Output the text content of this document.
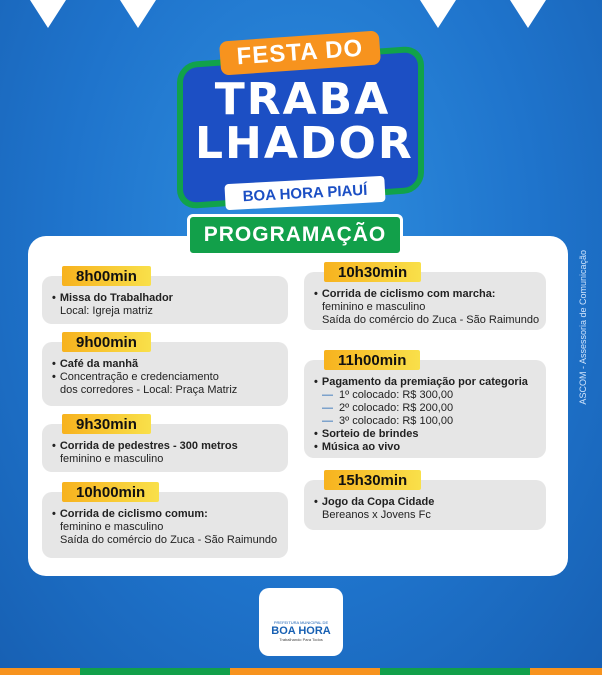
FESTA DO
TRABA
LHADOR
BOA HORA PIAUÍ
PROGRAMAÇÃO
8h00min
• Missa do Trabalhador
Local: Igreja matriz
9h00min
• Café da manhã
• Concentração e credenciamento
dos corredores - Local: Praça Matriz
9h30min
• Corrida de pedestres - 300 metros
feminino e masculino
10h00min
• Corrida de ciclismo comum:
feminino e masculino
Saída do comércio do Zuca - São Raimundo
10h30min
• Corrida de ciclismo com marcha:
feminino e masculino
Saída do comércio do Zuca - São Raimundo
11h00min
• Pagamento da premiação por categoria
— 1º colocado: R$ 300,00
— 2º colocado: R$ 200,00
— 3º colocado: R$ 100,00
• Sorteio de brindes
• Música ao vivo
15h30min
• Jogo da Copa Cidade
Bereanos x Jovens Fc
ASCOM - Assessoria de Comunicação
PREFEITURA MUNICIPAL DE
BOA HORA
Trabalhando Para Todos
